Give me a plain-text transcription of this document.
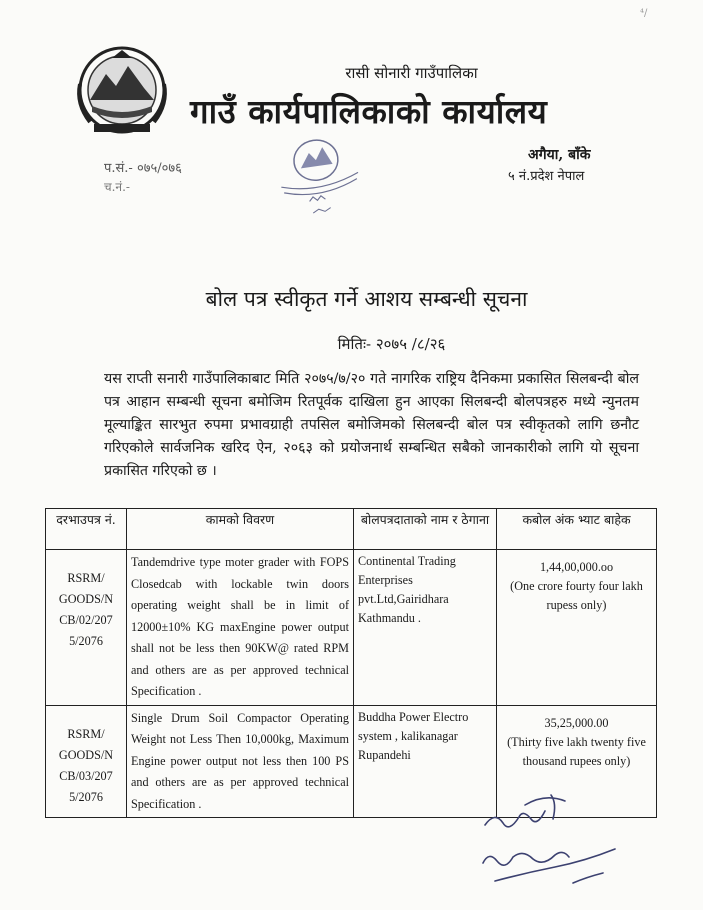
⁴/
रासी सोनारी गाउँपालिका
गाउँ कार्यपालिकाको कार्यालय
प.सं.- ०७५/०७६
च.नं.-
अगैया, बाँके
५ नं.प्रदेश नेपाल
बोल पत्र स्वीकृत गर्ने आशय सम्बन्धी सूचना
मितिः- २०७५ /८/२६
यस राप्ती सनारी गाउँपालिकाबाट मिति २०७५/७/२० गते नागरिक राष्ट्रिय दैनिकमा प्रकासित सिलबन्दी बोल पत्र आहान सम्बन्धी सूचना बमोजिम रितपूर्वक दाखिला हुन आएका सिलबन्दी बोलपत्रहरु मध्ये न्युनतम मूल्याङ्कित सारभुत रुपमा प्रभावग्राही तपसिल बमोजिमको सिलबन्दी बोल पत्र स्वीकृतको लागि छनौट गरिएकोले सार्वजनिक खरिद ऐन, २०६३ को प्रयोजनार्थ सम्बन्धित सबैको जानकारीको लागि यो सूचना प्रकासित गरिएको छ ।
दरभाउपत्र नं.	कामको विवरण	बोलपत्रदाताको नाम र ठेगाना	कबोल अंक भ्याट बाहेक
RSRM/ GOODS/N CB/02/207 5/2076	Tandemdrive type moter grader with FOPS Closedcab with lockable twin doors operating weight shall be in limit of 12000±10% KG maxEngine power output shall not be less then 90KW@ rated RPM and others are as per approved technical Specification .	Continental Trading Enterprises pvt.Ltd,Gairidhara Kathmandu .	1,44,00,000.oo
(One crore fourty four lakh rupess only)

RSRM/ GOODS/N CB/03/207 5/2076	Single Drum Soil Compactor Operating Weight not Less Then 10,000kg, Maximum Engine power output not less then 100 PS and others are as per approved technical Specification .	Buddha Power Electro system , kalikanagar Rupandehi	35,25,000.00
(Thirty five lakh twenty five thousand rupees only)
